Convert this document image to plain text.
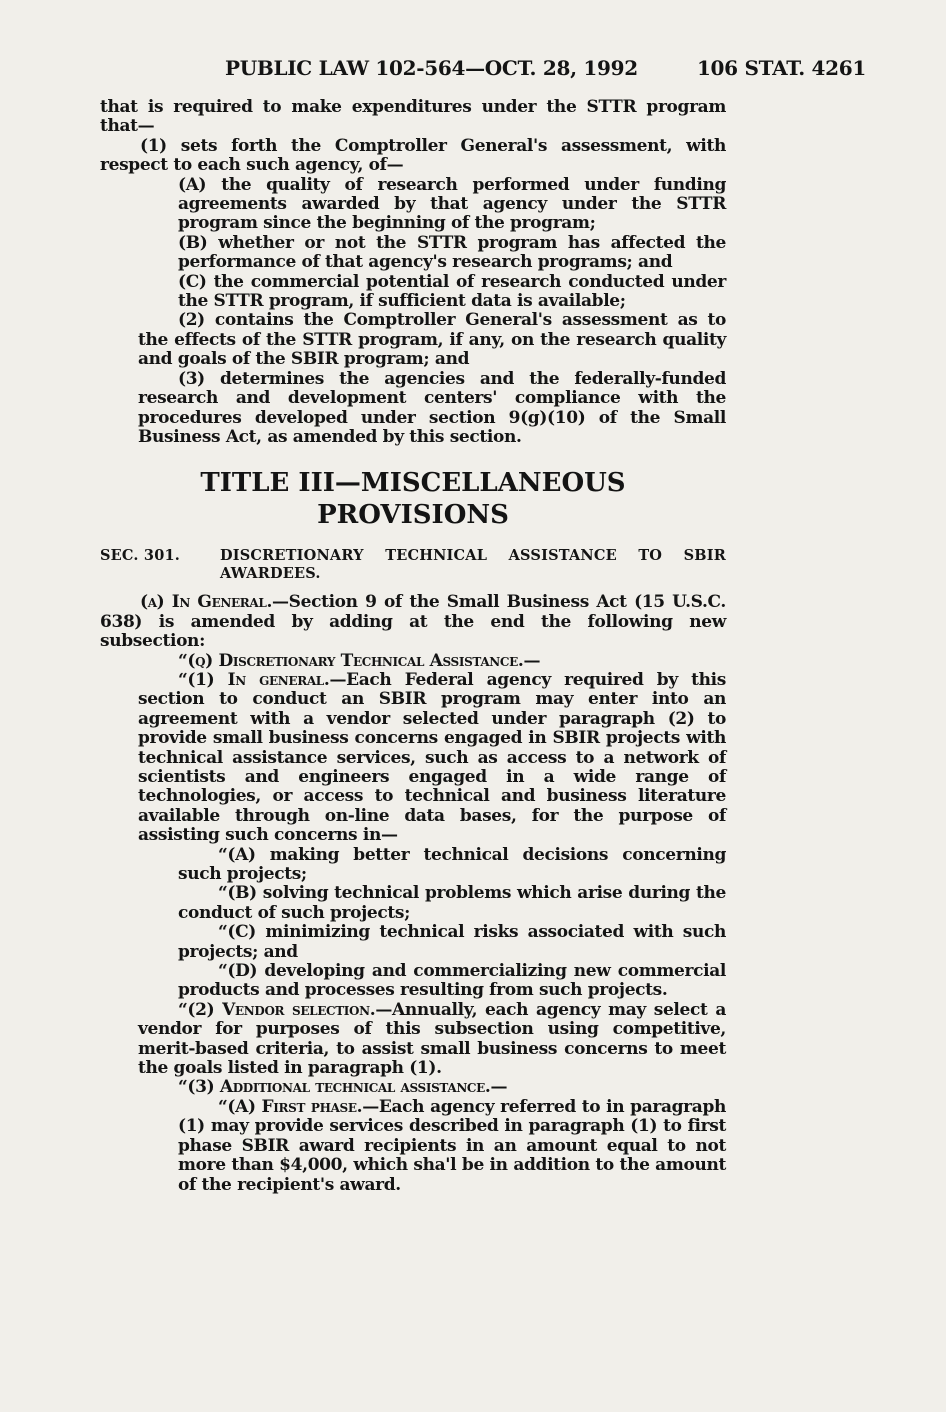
PUBLIC LAW 102-564—OCT. 28, 1992	106 STAT. 4261

that is required to make expenditures under the STTR program that—

(1) sets forth the Comptroller General's assessment, with respect to each such agency, of—

(A) the quality of research performed under funding agreements awarded by that agency under the STTR program since the beginning of the program;

(B) whether or not the STTR program has affected the performance of that agency's research programs; and

(C) the commercial potential of research conducted under the STTR program, if sufficient data is available;

(2) contains the Comptroller General's assessment as to the effects of the STTR program, if any, on the research quality and goals of the SBIR program; and

(3) determines the agencies and the federally-funded research and development centers' compliance with the procedures developed under section 9(g)(10) of the Small Business Act, as amended by this section.

TITLE III—MISCELLANEOUS
PROVISIONS

SEC. 301.	DISCRETIONARY TECHNICAL ASSISTANCE TO SBIR AWARDEES.

(a) In General.—Section 9 of the Small Business Act (15 U.S.C. 638) is amended by adding at the end the following new subsection:

“(q) Discretionary Technical Assistance.—

“(1) In general.—Each Federal agency required by this section to conduct an SBIR program may enter into an agreement with a vendor selected under paragraph (2) to provide small business concerns engaged in SBIR projects with technical assistance services, such as access to a network of scientists and engineers engaged in a wide range of technologies, or access to technical and business literature available through on-line data bases, for the purpose of assisting such concerns in—

“(A) making better technical decisions concerning such projects;

“(B) solving technical problems which arise during the conduct of such projects;

“(C) minimizing technical risks associated with such projects; and

“(D) developing and commercializing new commercial products and processes resulting from such projects.

“(2) Vendor selection.—Annually, each agency may select a vendor for purposes of this subsection using competitive, merit-based criteria, to assist small business concerns to meet the goals listed in paragraph (1).

“(3) Additional technical assistance.—

“(A) First phase.—Each agency referred to in paragraph (1) may provide services described in paragraph (1) to first phase SBIR award recipients in an amount equal to not more than $4,000, which sha'l be in addition to the amount of the recipient's award.
